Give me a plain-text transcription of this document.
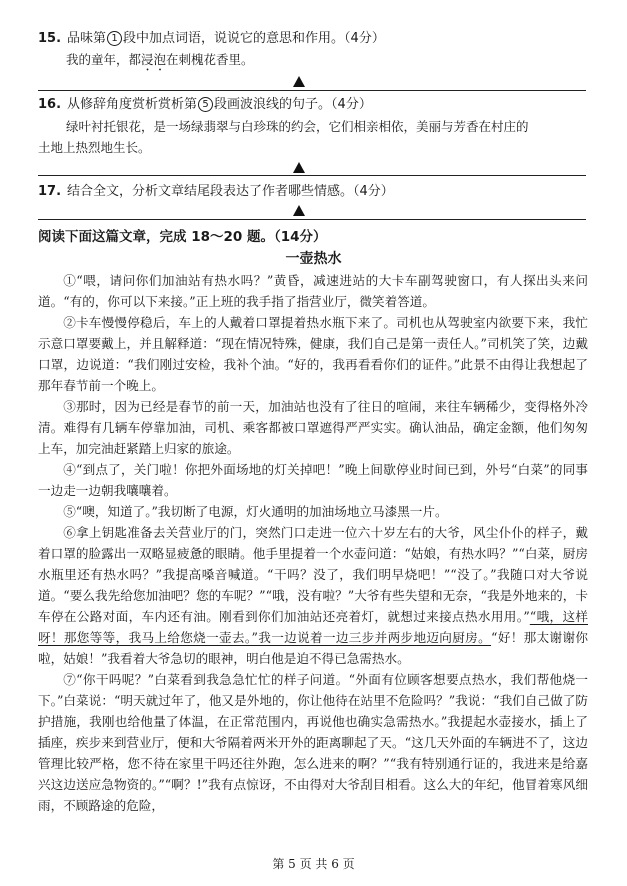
15. 品味第 1 段中加点词语，说说它的意思和作用。（4分）
我的童年，都浸泡在刺槐花香里。
16. 从修辞角度赏析赏析第 5 段画波浪线的句子。（4分）
绿叶衬托银花，是一场绿翡翠与白珍珠的约会，它们相亲相依，美丽与芳香在村庄的
土地上热烈地生长。
17. 结合全文，分析文章结尾段表达了作者哪些情感。（4分）
阅读下面这篇文章，完成 18～20 题。（14分）
一壶热水

①“喂，请问你们加油站有热水吗？”黄昏，减速进站的大卡车副驾驶窗口，有人探出头来问道。“有的，你可以下来接。”正上班的我手指了指营业厅，微笑着答道。

②卡车慢慢停稳后，车上的人戴着口罩提着热水瓶下来了。司机也从驾驶室内欲要下来，我忙示意口罩要戴上，并且解释道：“现在情况特殊，健康，我们自己是第一责任人。”司机笑了笑，边戴口罩，边说道：“我们刚过安检，我补个油。“好的，我再看看你们的证件。”此景不由得让我想起了那年春节前一个晚上。

③那时，因为已经是春节的前一天，加油站也没有了往日的喧闹，来往车辆稀少，变得格外冷清。难得有几辆车停靠加油，司机、乘客都被口罩遮得严严实实。确认油品，确定金额，他们匆匆上车，加完油赶紧踏上归家的旅途。

④“到点了，关门啦！你把外面场地的灯关掉吧！”晚上间歇停业时间已到，外号“白菜”的同事一边走一边朝我嚷嚷着。

⑤“噢，知道了。”我切断了电源，灯火通明的加油场地立马漆黑一片。

⑥拿上钥匙准备去关营业厅的门，突然门口走进一位六十岁左右的大爷，风尘仆仆的样子，戴着口罩的脸露出一双略显疲惫的眼睛。他手里提着一个水壶问道：“姑娘，有热水吗？”“白菜，厨房水瓶里还有热水吗？”我提高嗓音喊道。“干吗？没了，我们明早烧吧！”“没了。”我随口对大爷说道。“要么我先给您加油吧？您的车呢？”“哦，没有啦？”大爷有些失望和无奈，“我是外地来的，卡车停在公路对面，车内还有油。刚看到你们加油站还亮着灯，就想过来接点热水用用。”“哦，这样呀！那您等等，我马上给您烧一壶去。”我一边说着一边三步并两步地迈向厨房。“好！那太谢谢你啦，姑娘！”我看着大爷急切的眼神，明白他是迫不得已急需热水。

⑦“你干吗呢？”白菜看到我急急忙忙的样子问道。“外面有位顾客想要点热水，我们帮他烧一下。”白菜说：“明天就过年了，他又是外地的，你让他待在站里不危险吗？”我说：“我们自己做了防护措施，我刚也给他量了体温，在正常范围内，再说他也确实急需热水。”我提起水壶接水，插上了插座，疾步来到营业厅，便和大爷隔着两米开外的距离聊起了天。“这几天外面的车辆进不了，这边管理比较严格，您不待在家里干吗还往外跑，怎么进来的啊？”“我有特别通行证的，我进来是给嘉兴这边送应急物资的。”“啊？!”我有点惊讶，不由得对大爷刮目相看。这么大的年纪，他冒着寒风细雨，不顾路途的危险，

第 5 页 共 6 页
